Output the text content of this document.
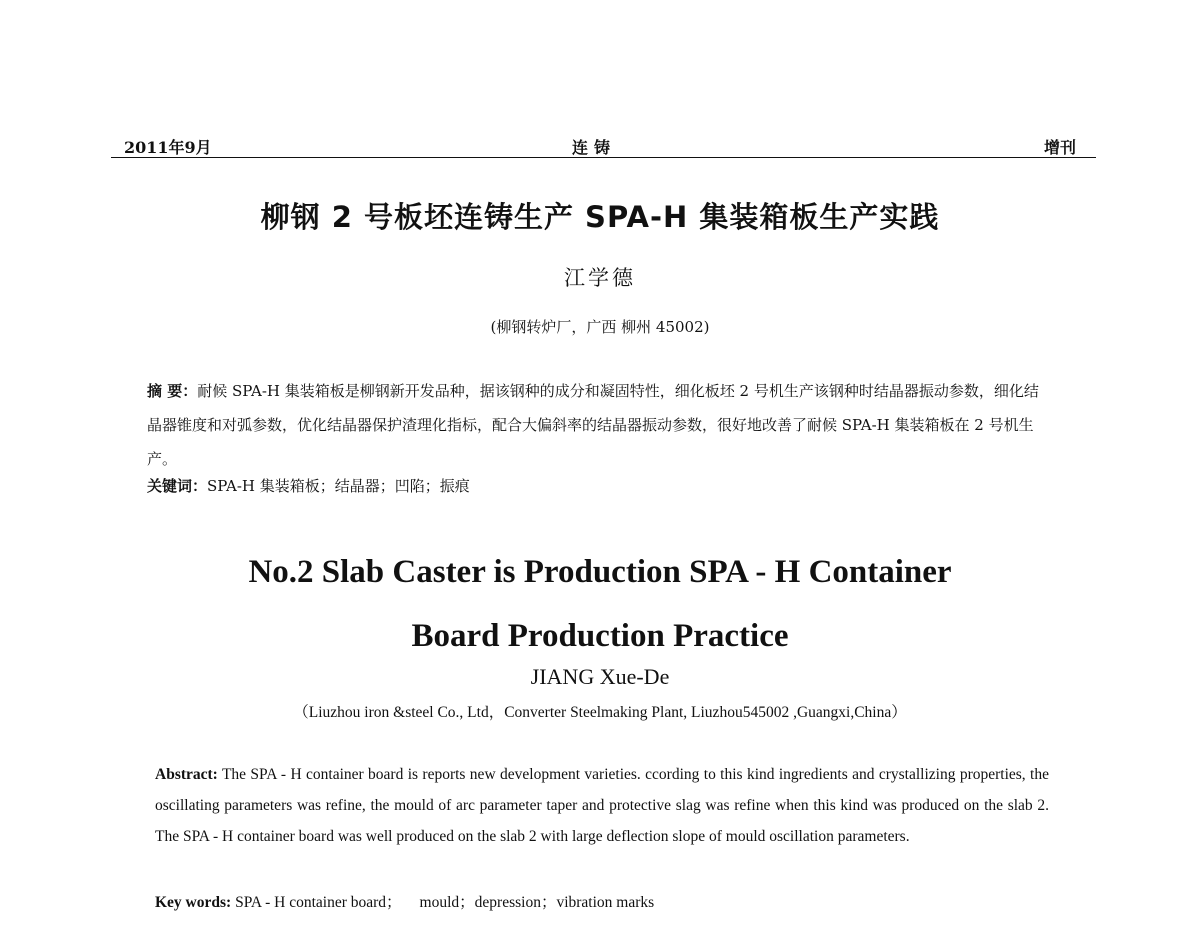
2011年9月	连铸	增刊
柳钢 2 号板坯连铸生产 SPA-H 集装箱板生产实践
江学德
(柳钢转炉厂，广西 柳州 45002)
摘 要：耐候 SPA-H 集装箱板是柳钢新开发品种，据该钢种的成分和凝固特性，细化板坯 2 号机生产该钢种时结晶器振动参数，细化结晶器锥度和对弧参数，优化结晶器保护渣理化指标，配合大偏斜率的结晶器振动参数，很好地改善了耐候 SPA-H 集装箱板在 2 号机生产。
关键词：SPA-H 集装箱板；结晶器；凹陷；振痕
No.2 Slab Caster is Production SPA - H Container
Board Production Practice
JIANG Xue-De
（Liuzhou iron &steel Co., Ltd，Converter Steelmaking Plant, Liuzhou545002 ,Guangxi,China）
Abstract: The SPA - H container board is reports new development varieties. ccording to this kind ingredients and crystallizing properties, the oscillating parameters was refine, the mould of arc parameter taper and protective slag was refine when this kind was produced on the slab 2. The SPA - H container board was well produced on the slab 2 with large deflection slope of mould oscillation parameters.
Key words: SPA - H container board； mould；depression；vibration marks
